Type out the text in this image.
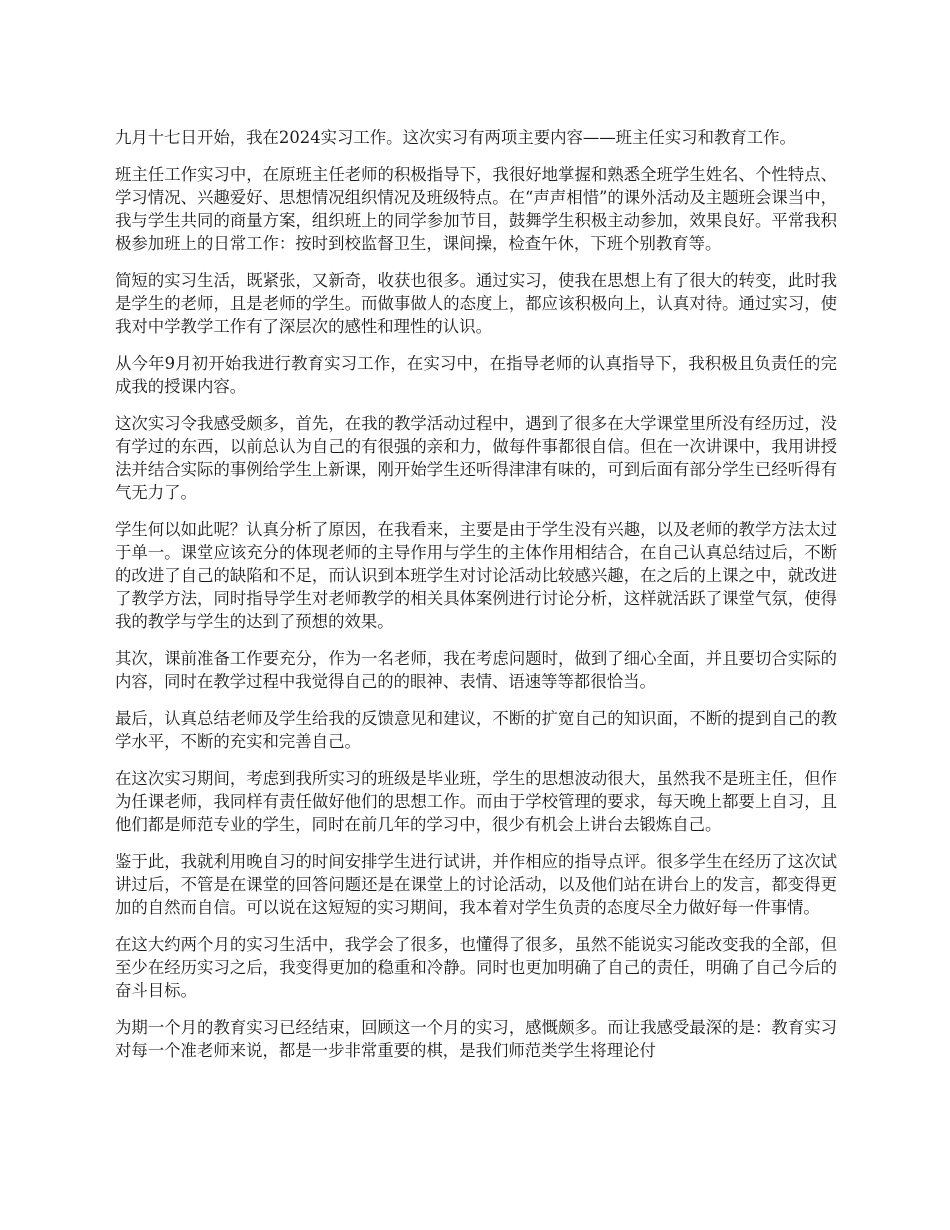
九月十七日开始，我在2024实习工作。这次实习有两项主要内容——班主任实习和教育工作。

班主任工作实习中，在原班主任老师的积极指导下，我很好地掌握和熟悉全班学生姓名、个性特点、学习情况、兴趣爱好、思想情况组织情况及班级特点。在“声声相惜”的课外活动及主题班会课当中，我与学生共同的商量方案，组织班上的同学参加节目，鼓舞学生积极主动参加，效果良好。平常我积极参加班上的日常工作：按时到校监督卫生，课间操，检查午休，下班个别教育等。

简短的实习生活，既紧张，又新奇，收获也很多。通过实习，使我在思想上有了很大的转变，此时我是学生的老师，且是老师的学生。而做事做人的态度上，都应该积极向上，认真对待。通过实习，使我对中学教学工作有了深层次的感性和理性的认识。

从今年9月初开始我进行教育实习工作，在实习中，在指导老师的认真指导下，我积极且负责任的完成我的授课内容。

这次实习令我感受颇多，首先，在我的教学活动过程中，遇到了很多在大学课堂里所没有经历过，没有学过的东西，以前总认为自己的有很强的亲和力，做每件事都很自信。但在一次讲课中，我用讲授法并结合实际的事例给学生上新课，刚开始学生还听得津津有味的，可到后面有部分学生已经听得有气无力了。

学生何以如此呢？认真分析了原因，在我看来，主要是由于学生没有兴趣，以及老师的教学方法太过于单一。课堂应该充分的体现老师的主导作用与学生的主体作用相结合，在自己认真总结过后，不断的改进了自己的缺陷和不足，而认识到本班学生对讨论活动比较感兴趣，在之后的上课之中，就改进了教学方法，同时指导学生对老师教学的相关具体案例进行讨论分析，这样就活跃了课堂气氛，使得我的教学与学生的达到了预想的效果。

其次，课前准备工作要充分，作为一名老师，我在考虑问题时，做到了细心全面，并且要切合实际的内容，同时在教学过程中我觉得自己的的眼神、表情、语速等等都很恰当。

最后，认真总结老师及学生给我的反馈意见和建议，不断的扩宽自己的知识面，不断的提到自己的教学水平，不断的充实和完善自己。

在这次实习期间，考虑到我所实习的班级是毕业班，学生的思想波动很大，虽然我不是班主任，但作为任课老师，我同样有责任做好他们的思想工作。而由于学校管理的要求，每天晚上都要上自习，且他们都是师范专业的学生，同时在前几年的学习中，很少有机会上讲台去锻炼自己。

鉴于此，我就利用晚自习的时间安排学生进行试讲，并作相应的指导点评。很多学生在经历了这次试讲过后，不管是在课堂的回答问题还是在课堂上的讨论活动，以及他们站在讲台上的发言，都变得更加的自然而自信。可以说在这短短的实习期间，我本着对学生负责的态度尽全力做好每一件事情。

在这大约两个月的实习生活中，我学会了很多，也懂得了很多，虽然不能说实习能改变我的全部，但至少在经历实习之后，我变得更加的稳重和冷静。同时也更加明确了自己的责任，明确了自己今后的奋斗目标。

为期一个月的教育实习已经结束，回顾这一个月的实习，感慨颇多。而让我感受最深的是：教育实习对每一个准老师来说，都是一步非常重要的棋，是我们师范类学生将理论付
